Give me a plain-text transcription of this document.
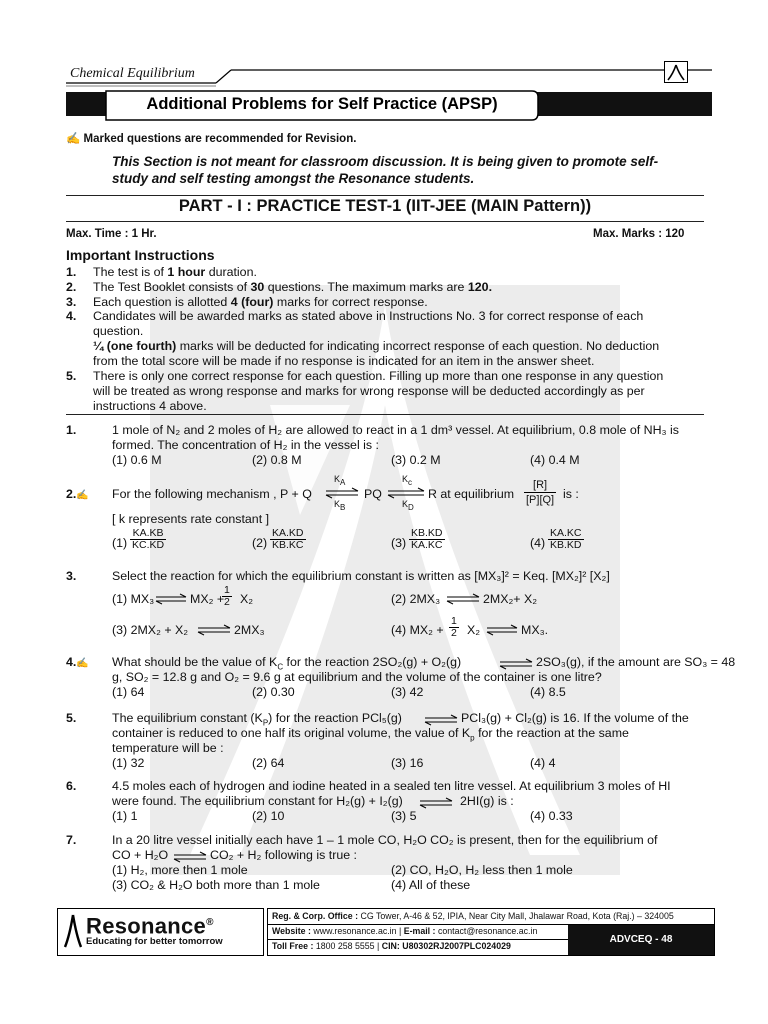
Chemical Equilibrium
Additional Problems for Self Practice (APSP)
✍ Marked questions are recommended for Revision.
This Section is not meant for classroom discussion. It is being given to promote self-
study and self testing amongst the Resonance students.
PART - I : PRACTICE TEST-1 (IIT-JEE (MAIN Pattern))
Max. Time : 1 Hr.	Max. Marks : 120
Important Instructions
1. The test is of 1 hour duration.
2. The Test Booklet consists of 30 questions. The maximum marks are 120.
3. Each question is allotted 4 (four) marks for correct response.
4. Candidates will be awarded marks as stated above in Instructions No. 3 for correct response of each
question.
¼ (one fourth) marks will be deducted for indicating incorrect response of each question. No deduction
from the total score will be made if no response is indicated for an item in the answer sheet.
5. There is only one correct response for each question. Filling up more than one response in any question
will be treated as wrong response and marks for wrong response will be deducted accordingly as per
instructions 4 above.
1.	1 mole of N₂ and 2 moles of H₂ are allowed to react in a 1 dm³ vessel. At equilibrium, 0.8 mole of NH₃ is
formed. The concentration of H₂ in the vessel is :
(1) 0.6 M	(2) 0.8 M	(3) 0.2 M	(4) 0.4 M
2.✍ For the following mechanism , P + Q
$K_A$
$K_B$
PQ
$K_c$
$K_D$
R at equilibrium $\frac{[R]}{[P][Q]}$ is :
[ k represents rate constant ]
$(1) \frac{KA.KB}{KC.KD}$	$(2) \frac{KA.KD}{KB.KC}$	$(3) \frac{KB.KD}{KA.KC}$	$(4) \frac{KA.KC}{KB.KD}$
3.	Select the reaction for which the equilibrium constant is written as [MX₃]² = Keq. [MX₂]² [X₂]
(1) MX₃	MX₂ +
$\frac{1}{2} X_2$	(2) 2MX₃	2MX₂+ X₂
(3) 2MX₂ + X₂	2MX₃	(4) $MX_2 + \frac{1}{2} X_2$	MX₃.
4.✍ What should be the value of $K_C$ for the reaction 2SO₂(g) + O₂(g)	⇌ 2SO₃(g), if the amount are SO₃ = 48
g, SO₂ = 12.8 g and O₂ = 9.6 g at equilibrium and the volume of the container is one litre?
(1) 64	(2) 0.30	(3) 42	(4) 8.5
5.	The equilibrium constant $(K_P)$ for the reaction PCl₅(g) ⇌ PCl₃(g) + Cl₂(g) is 16. If the volume of the
container is reduced to one half its original volume, the value of $K_p$ for the reaction at the same
temperature will be :
(1) 32	(2) 64	(3) 16	(4) 4
6.	4.5 moles each of hydrogen and iodine heated in a sealed ten litre vessel. At equilibrium 3 moles of HI
were found. The equilibrium constant for H₂(g) + I₂(g) ⇌ 2HI(g) is :
(1) 1	(2) 10	(3) 5	(4) 0.33
7.	In a 20 litre vessel initially each have 1 – 1 mole CO, H₂O CO₂ is present, then for the equilibrium of
CO + H₂O ⇌ CO₂ + H₂ following is true :
(1) H₂, more then 1 mole	(2) CO, H₂O, H₂ less then 1 mole
(3) CO₂ & H₂O both more than 1 mole	(4) All of these
Resonance®
Educating for better tomorrow
Reg. & Corp. Office : CG Tower, A-46 & 52, IPIA, Near City Mall, Jhalawar Road, Kota (Raj.) – 324005
Website : www.resonance.ac.in | E-mail : contact@resonance.ac.in
Toll Free : 1800 258 5555 | CIN: U80302RJ2007PLC024029
ADVCEQ - 48
